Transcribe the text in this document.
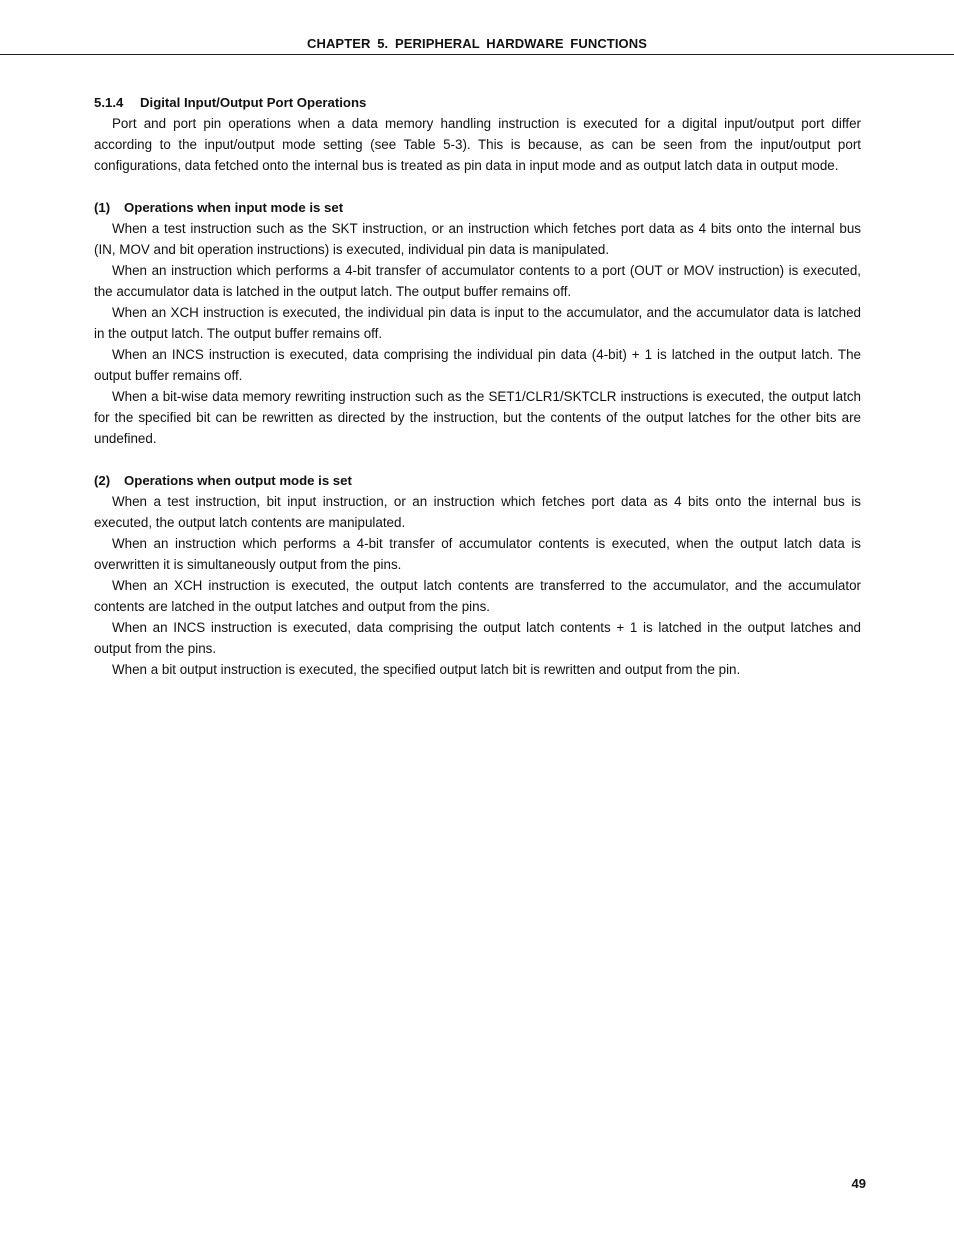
CHAPTER 5. PERIPHERAL HARDWARE FUNCTIONS
5.1.4 Digital Input/Output Port Operations

Port and port pin operations when a data memory handling instruction is executed for a digital input/output port differ according to the input/output mode setting (see Table 5-3). This is because, as can be seen from the input/output port configurations, data fetched onto the internal bus is treated as pin data in input mode and as output latch data in output mode.

(1) Operations when input mode is set

When a test instruction such as the SKT instruction, or an instruction which fetches port data as 4 bits onto the internal bus (IN, MOV and bit operation instructions) is executed, individual pin data is manipulated.

When an instruction which performs a 4-bit transfer of accumulator contents to a port (OUT or MOV instruction) is executed, the accumulator data is latched in the output latch. The output buffer remains off.

When an XCH instruction is executed, the individual pin data is input to the accumulator, and the accumulator data is latched in the output latch. The output buffer remains off.

When an INCS instruction is executed, data comprising the individual pin data (4-bit) + 1 is latched in the output latch. The output buffer remains off.

When a bit-wise data memory rewriting instruction such as the SET1/CLR1/SKTCLR instructions is executed, the output latch for the specified bit can be rewritten as directed by the instruction, but the contents of the output latches for the other bits are undefined.

(2) Operations when output mode is set

When a test instruction, bit input instruction, or an instruction which fetches port data as 4 bits onto the internal bus is executed, the output latch contents are manipulated.

When an instruction which performs a 4-bit transfer of accumulator contents is executed, when the output latch data is overwritten it is simultaneously output from the pins.

When an XCH instruction is executed, the output latch contents are transferred to the accumulator, and the accumulator contents are latched in the output latches and output from the pins.

When an INCS instruction is executed, data comprising the output latch contents + 1 is latched in the output latches and output from the pins.

When a bit output instruction is executed, the specified output latch bit is rewritten and output from the pin.

49
